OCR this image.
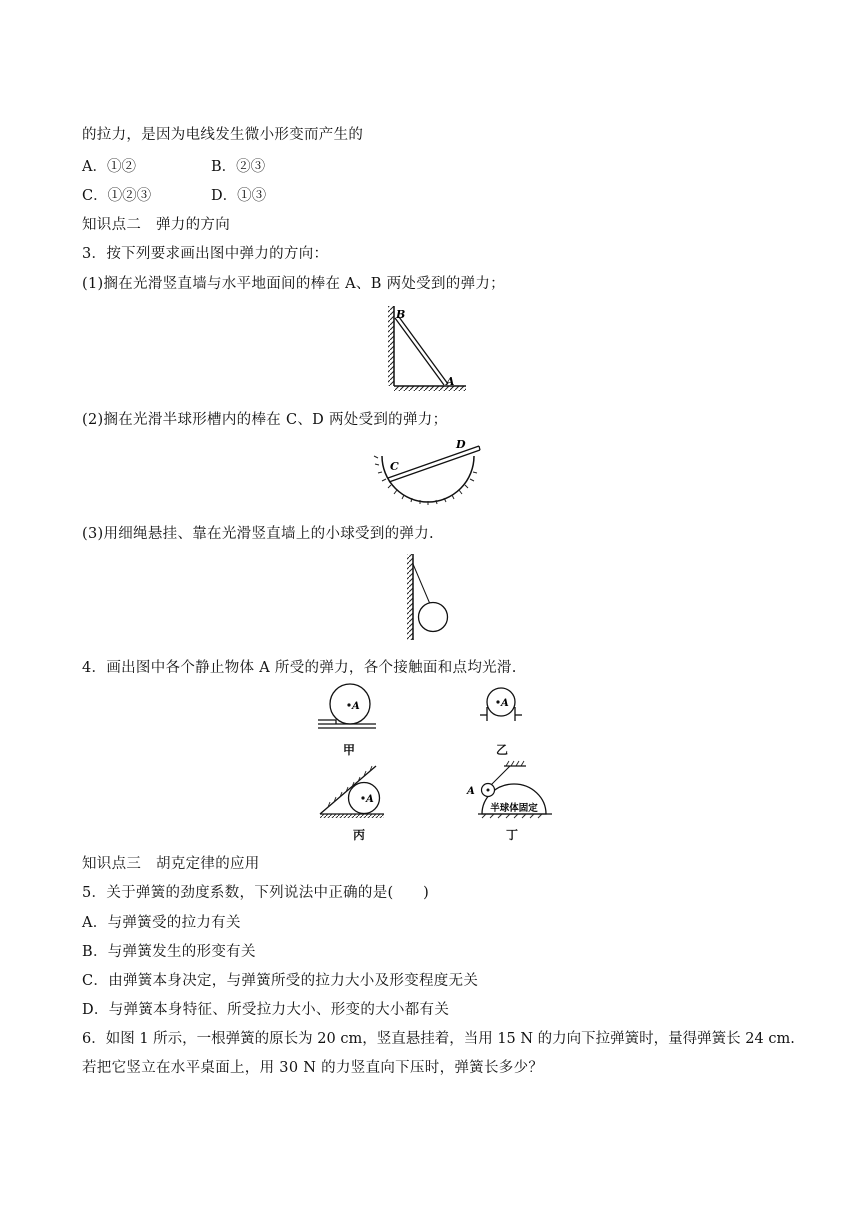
的拉力，是因为电线发生微小形变而产生的
A．①②	B．②③
C．①②③	D．①③
知识点二　弹力的方向
3．按下列要求画出图中弹力的方向：
(1)搁在光滑竖直墙与水平地面间的棒在 A、B 两处受到的弹力；
B
A
(2)搁在光滑半球形槽内的棒在 C、D 两处受到的弹力；
C
D
(3)用细绳悬挂、靠在光滑竖直墙上的小球受到的弹力.
4．画出图中各个静止物体 A 所受的弹力，各个接触面和点均光滑.
A
甲
A
乙
A
丙
A
半球体固定
丁
知识点三　胡克定律的应用
5．关于弹簧的劲度系数，下列说法中正确的是(　　)
A．与弹簧受的拉力有关
B．与弹簧发生的形变有关
C．由弹簧本身决定，与弹簧所受的拉力大小及形变程度无关
D．与弹簧本身特征、所受拉力大小、形变的大小都有关
6．如图 1 所示，一根弹簧的原长为 20 cm，竖直悬挂着，当用 15 N 的力向下拉弹簧时，量得弹簧长 24 cm.
若把它竖立在水平桌面上，用 30 N 的力竖直向下压时，弹簧长多少？
